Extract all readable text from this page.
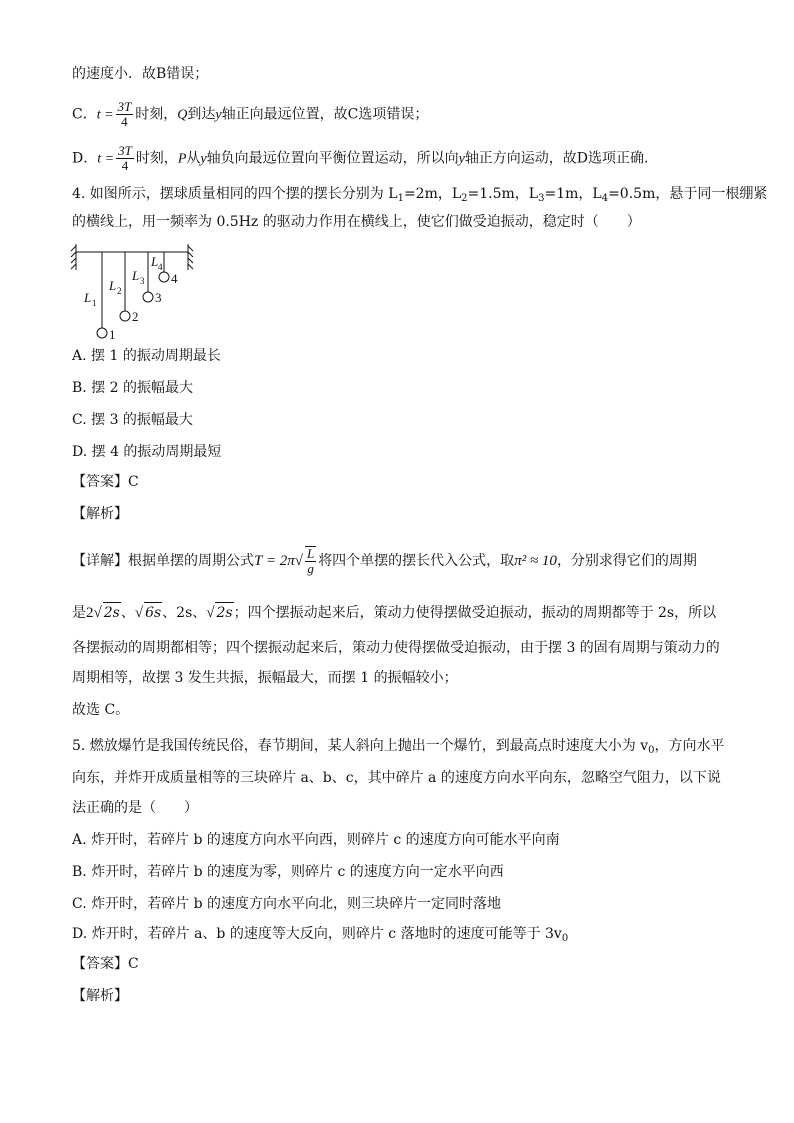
的速度小．故B错误；
C．$t = \frac{3T}{4}$ 时刻，Q到达y轴正向最远位置，故C选项错误；
D．$t = \frac{3T}{4}$ 时刻，P从y轴负向最远位置向平衡位置运动，所以向y轴正方向运动，故D选项正确．
4. 如图所示，摆球质量相同的四个摆的摆长分别为 $L_1=2m$，$L_2=1.5m$，$L_3=1m$，$L_4=0.5m$，悬于同一根绷紧
的横线上，用一频率为 0.5Hz 的驱动力作用在横线上，使它们做受迫振动，稳定时（　　）
L 1
L 2
L 3
L 4
1
2
3
4
A. 摆 1 的振动周期最长
B. 摆 2 的振幅最大
C. 摆 3 的振幅最大
D. 摆 4 的振动周期最短
【答案】C
【解析】
【详解】根据单摆的周期公式$T = 2\pi√ \frac{L}{g}$ 将四个单摆的摆长代入公式，取π² ≈ 10，分别求得它们的周期
是2√ 2s、√ 6s、2s、√ 2s；四个摆振动起来后，策动力使得摆做受迫振动，振动的周期都等于 2s，所以
各摆振动的周期都相等；四个摆振动起来后，策动力使得摆做受迫振动，由于摆 3 的固有周期与策动力的
周期相等，故摆 3 发生共振，振幅最大，而摆 1 的振幅较小；
故选 C。
5. 燃放爆竹是我国传统民俗，春节期间，某人斜向上抛出一个爆竹，到最高点时速度大小为 $v_0$，方向水平
向东，并炸开成质量相等的三块碎片 a、b、c，其中碎片 a 的速度方向水平向东，忽略空气阻力，以下说
法正确的是（　　）
A. 炸开时，若碎片 b 的速度方向水平向西，则碎片 c 的速度方向可能水平向南
B. 炸开时，若碎片 b 的速度为零，则碎片 c 的速度方向一定水平向西
C. 炸开时，若碎片 b 的速度方向水平向北，则三块碎片一定同时落地
D. 炸开时，若碎片 a、b 的速度等大反向，则碎片 c 落地时的速度可能等于 $3v_0$
【答案】C
【解析】
